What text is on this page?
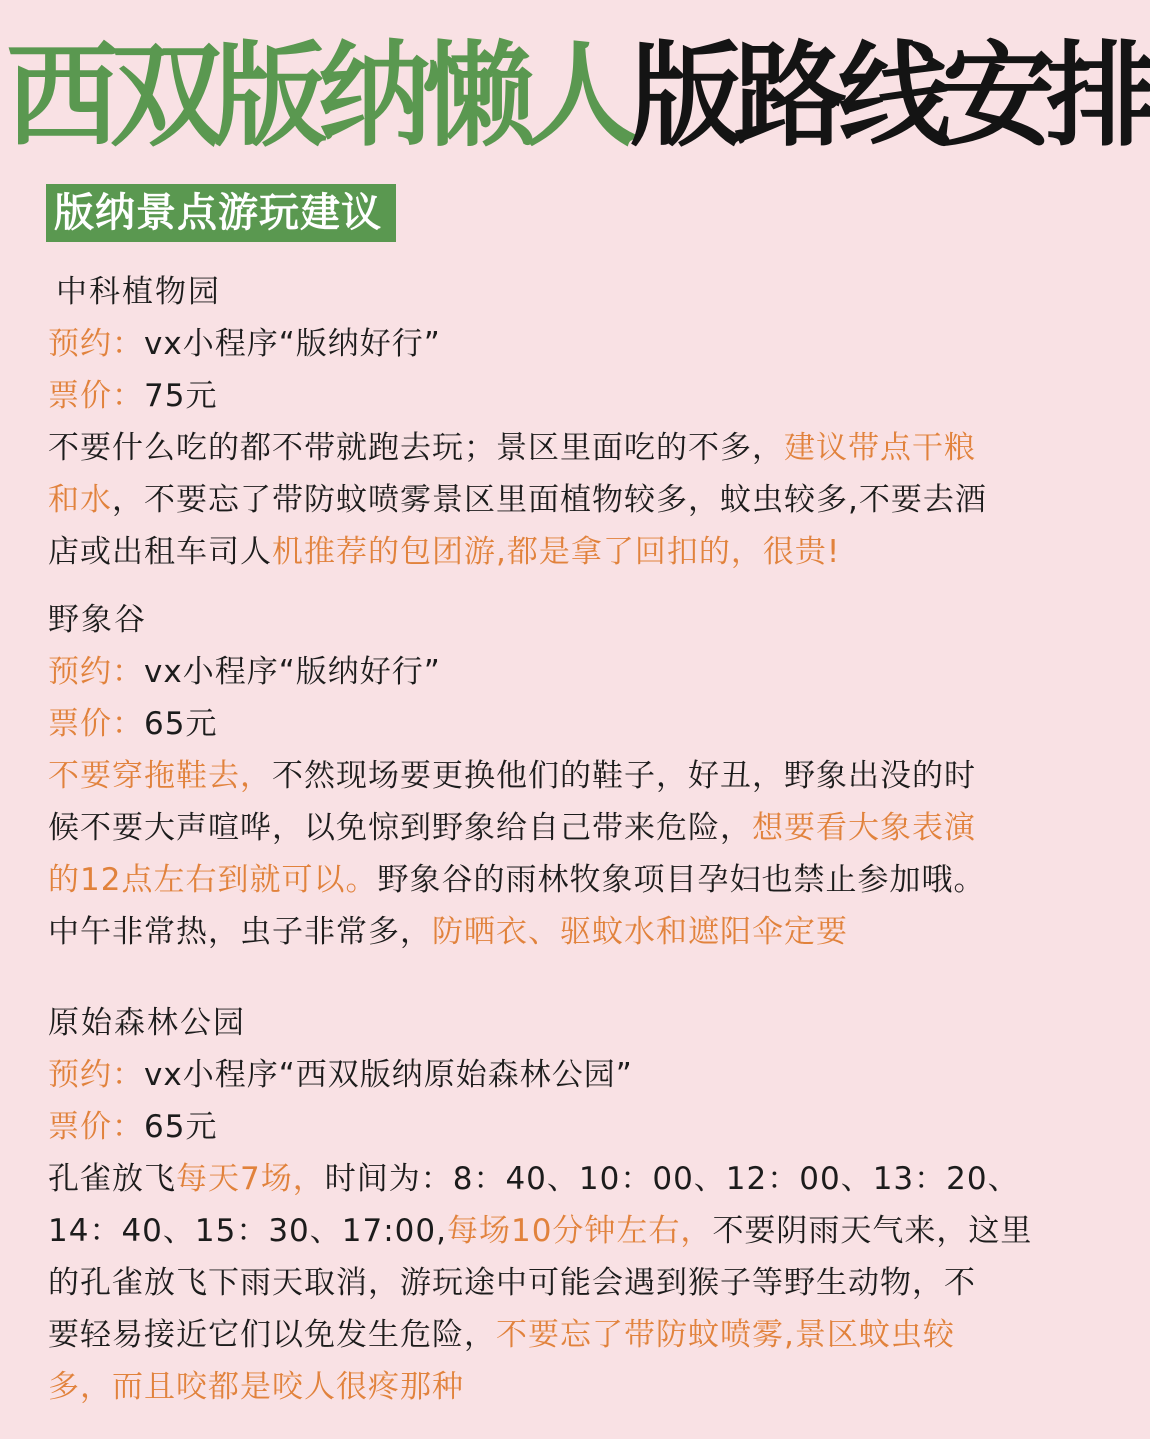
西双版纳懒人版路线安排
版纳景点游玩建议
中科植物园
预约：vx小程序“版纳好行”
票价：75元
不要什么吃的都不带就跑去玩；景区里面吃的不多，建议带点干粮
和水，不要忘了带防蚊喷雾景区里面植物较多，蚊虫较多,不要去酒
店或出租车司人机推荐的包团游,都是拿了回扣的，很贵!
野象谷
预约：vx小程序“版纳好行”
票价：65元
不要穿拖鞋去，不然现场要更换他们的鞋子，好丑，野象出没的时
候不要大声喧哗，以免惊到野象给自己带来危险，想要看大象表演
的12点左右到就可以。野象谷的雨林牧象项目孕妇也禁止参加哦。
中午非常热，虫子非常多，防晒衣、驱蚊水和遮阳伞定要
原始森林公园
预约：vx小程序“西双版纳原始森林公园”
票价：65元
孔雀放飞每天7场，时间为：8：40、10：00、12：00、13：20、
14：40、15：30、17:00,每场10分钟左右，不要阴雨天气来，这里
的孔雀放飞下雨天取消，游玩途中可能会遇到猴子等野生动物，不
要轻易接近它们以免发生危险，不要忘了带防蚊喷雾,景区蚊虫较
多，而且咬都是咬人很疼那种
